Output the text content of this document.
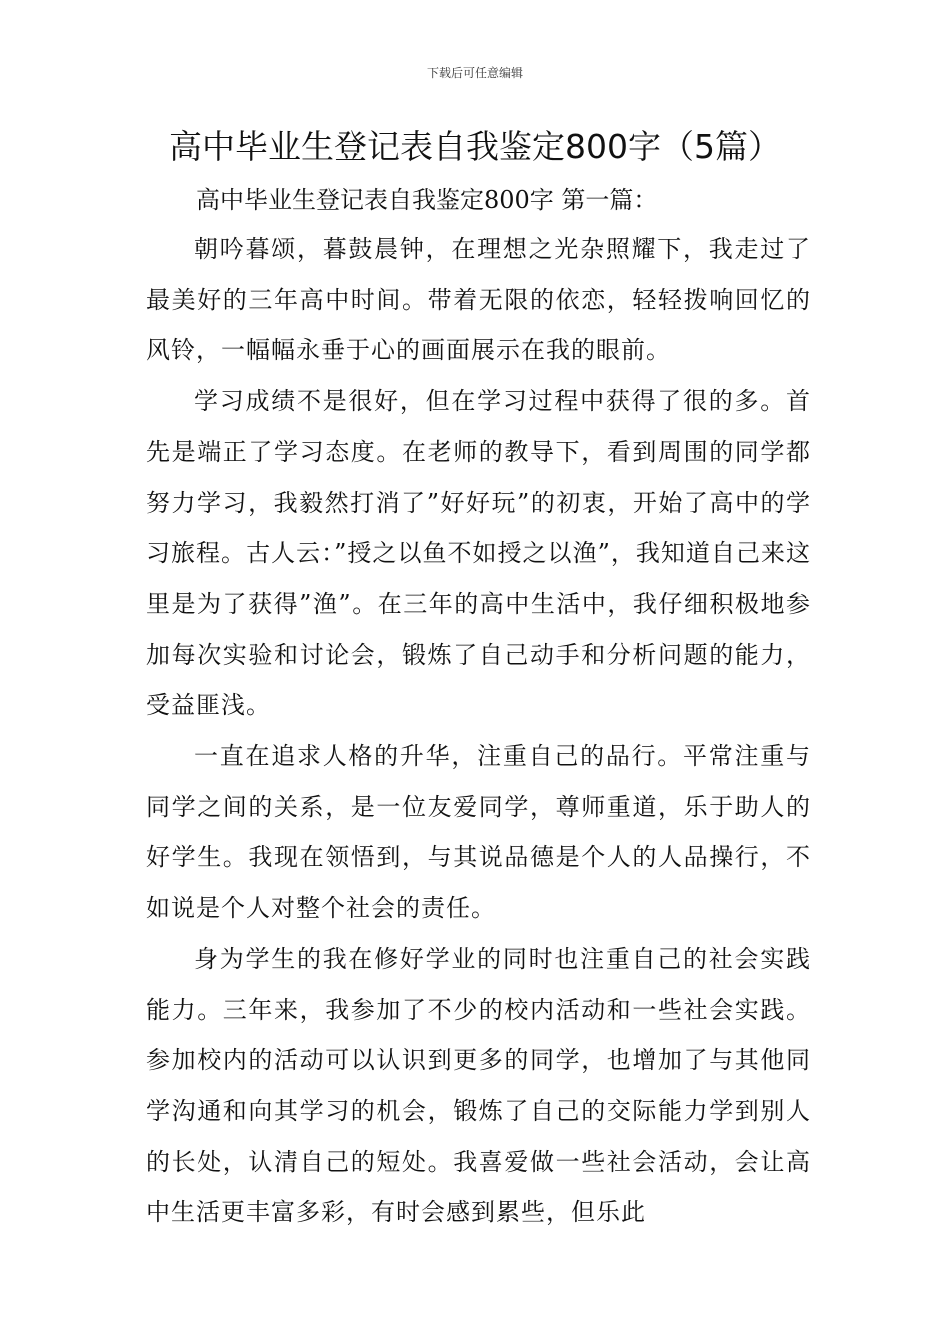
下载后可任意编辑
高中毕业生登记表自我鉴定800字（5篇）
高中毕业生登记表自我鉴定800字 第一篇：

朝吟暮颂，暮鼓晨钟，在理想之光杂照耀下，我走过了最美好的三年高中时间。带着无限的依恋，轻轻拨响回忆的风铃，一幅幅永垂于心的画面展示在我的眼前。

学习成绩不是很好，但在学习过程中获得了很的多。首先是端正了学习态度。在老师的教导下，看到周围的同学都努力学习，我毅然打消了”好好玩”的初衷，开始了高中的学习旅程。古人云：”授之以鱼不如授之以渔”，我知道自己来这里是为了获得”渔”。在三年的高中生活中，我仔细积极地参加每次实验和讨论会，锻炼了自己动手和分析问题的能力，受益匪浅。

一直在追求人格的升华，注重自己的品行。平常注重与同学之间的关系，是一位友爱同学，尊师重道，乐于助人的好学生。我现在领悟到，与其说品德是个人的人品操行，不如说是个人对整个社会的责任。

身为学生的我在修好学业的同时也注重自己的社会实践能力。三年来，我参加了不少的校内活动和一些社会实践。参加校内的活动可以认识到更多的同学，也增加了与其他同学沟通和向其学习的机会，锻炼了自己的交际能力学到别人的长处，认清自己的短处。我喜爱做一些社会活动，会让高中生活更丰富多彩，有时会感到累些，但乐此
